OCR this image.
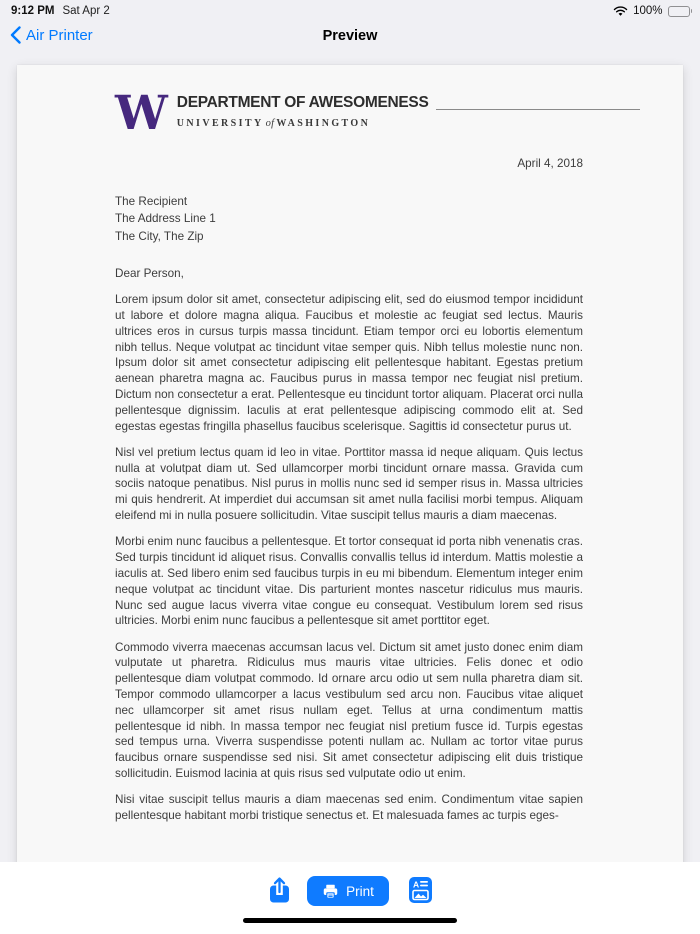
9:12 PM Sat Apr 2	100%
Air Printer	Preview
W DEPARTMENT OF AWESOMENESS
UNIVERSITY of WASHINGTON
April 4, 2018
The Recipient
The Address Line 1
The City, The Zip
Dear Person,

Lorem ipsum dolor sit amet, consectetur adipiscing elit, sed do eiusmod tempor incididunt ut labore et dolore magna aliqua. Faucibus et molestie ac feugiat sed lectus. Mauris ultrices eros in cursus turpis massa tincidunt. Etiam tempor orci eu lobortis elementum nibh tellus. Neque volutpat ac tincidunt vitae semper quis. Nibh tellus molestie nunc non. Ipsum dolor sit amet consectetur adipiscing elit pellentesque habitant. Egestas pretium aenean pharetra magna ac. Faucibus purus in massa tempor nec feugiat nisl pretium. Dictum non consectetur a erat. Pellentesque eu tincidunt tortor aliquam. Placerat orci nulla pellentesque dignissim. Iaculis at erat pellentesque adipiscing commodo elit at. Sed egestas egestas fringilla phasellus faucibus scelerisque. Sagittis id consectetur purus ut.

Nisl vel pretium lectus quam id leo in vitae. Porttitor massa id neque aliquam. Quis lectus nulla at volutpat diam ut. Sed ullamcorper morbi tincidunt ornare massa. Gravida cum sociis natoque penatibus. Nisl purus in mollis nunc sed id semper risus in. Massa ultricies mi quis hendrerit. At imperdiet dui accumsan sit amet nulla facilisi morbi tempus. Aliquam eleifend mi in nulla posuere sollicitudin. Vitae suscipit tellus mauris a diam maecenas.

Morbi enim nunc faucibus a pellentesque. Et tortor consequat id porta nibh venenatis cras. Sed turpis tincidunt id aliquet risus. Convallis convallis tellus id interdum. Mattis molestie a iaculis at. Sed libero enim sed faucibus turpis in eu mi bibendum. Elementum integer enim neque volutpat ac tincidunt vitae. Dis parturient montes nascetur ridiculus mus mauris. Nunc sed augue lacus viverra vitae congue eu consequat. Vestibulum lorem sed risus ultricies. Morbi enim nunc faucibus a pellentesque sit amet porttitor eget.

Commodo viverra maecenas accumsan lacus vel. Dictum sit amet justo donec enim diam vulputate ut pharetra. Ridiculus mus mauris vitae ultricies. Felis donec et odio pellentesque diam volutpat commodo. Id ornare arcu odio ut sem nulla pharetra diam sit. Tempor commodo ullamcorper a lacus vestibulum sed arcu non. Faucibus vitae aliquet nec ullamcorper sit amet risus nullam eget. Tellus at urna condimentum mattis pellentesque id nibh. In massa tempor nec feugiat nisl pretium fusce id. Turpis egestas sed tempus urna. Viverra suspendisse potenti nullam ac. Nullam ac tortor vitae purus faucibus ornare suspendisse sed nisi. Sit amet consectetur adipiscing elit duis tristique sollicitudin. Euismod lacinia at quis risus sed vulputate odio ut enim.

Nisi vitae suscipit tellus mauris a diam maecenas sed enim. Condimentum vitae sapien pellentesque habitant morbi tristique senectus et. Et malesuada fames ac turpis eges-

Print	A
